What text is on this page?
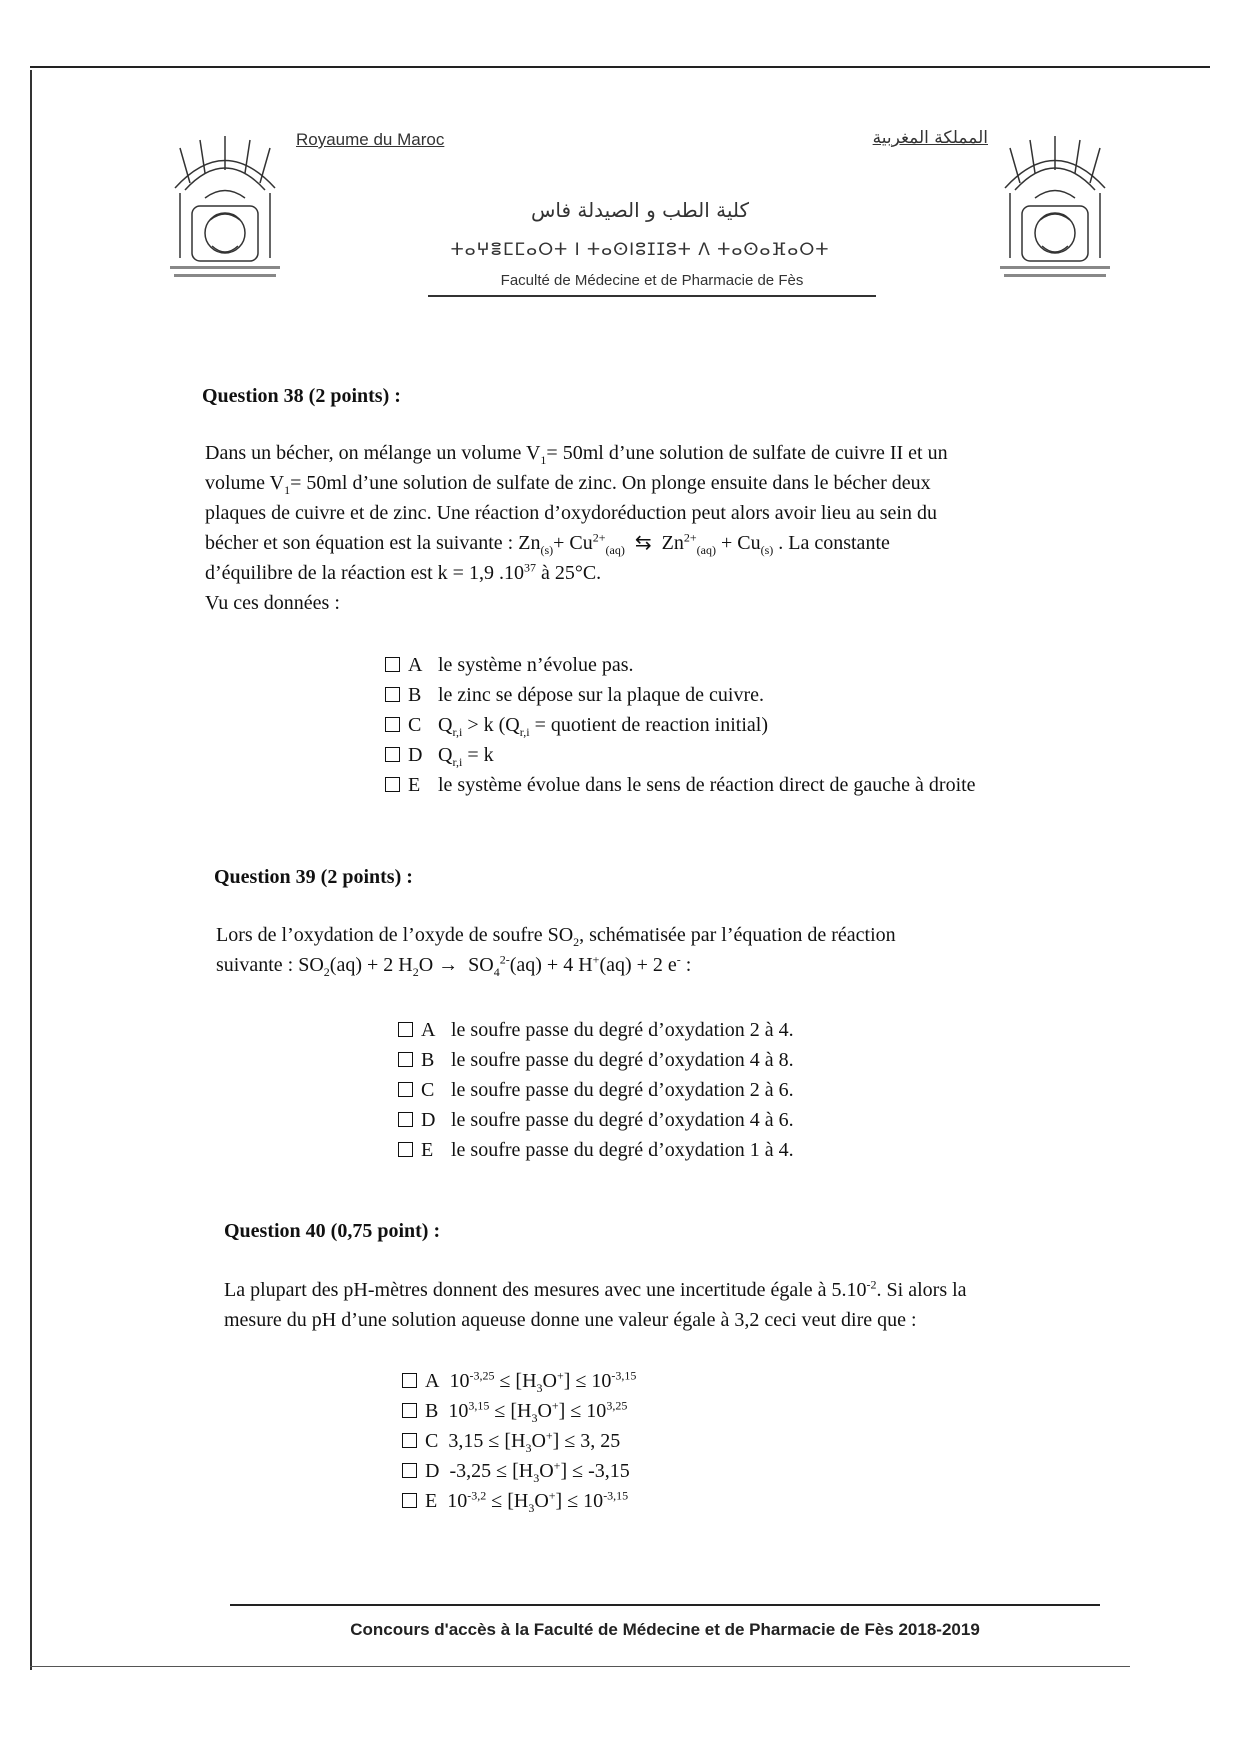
Royaume du Maroc	المملكة المغربية
كلية الطب و الصيدلة فاس
ⵜⴰⵖⴻⵎⵎⴰⵔⵜ ⵏ ⵜⴰⵙⵏⵓⵊⵊⵓⵜ ⴷ ⵜⴰⵙⴰⴼⴰⵔⵜ
Faculté de Médecine et de Pharmacie de Fès
Question 38 (2 points) :
Dans un bécher, on mélange un volume $V_1= 50ml$ d’une solution de sulfate de cuivre II et un
volume $V_1= 50ml$ d’une solution de sulfate de zinc. On plonge ensuite dans le bécher deux
plaques de cuivre et de zinc. Une réaction d’oxydoréduction peut alors avoir lieu au sein du
bécher et son équation est la suivante : $Zn_{(s)}+ Cu^{2+}_{(aq)}$ ⇆ $Zn^{2+}_{(aq)} + Cu_{(s)}$ . La constante
d’équilibre de la réaction est k = 1,9 $.10^{37}$ à 25°C.
Vu ces données :
A le système n’évolue pas.
B le zinc se dépose sur la plaque de cuivre.
C $Q_{r,i} > k$ ($Q_{r,i}$ = quotient de reaction initial)
D $Q_{r,i} = k$
E le système évolue dans le sens de réaction direct de gauche à droite
Question 39 (2 points) :
Lors de l’oxydation de l’oxyde de soufre $SO_2$, schématisée par l’équation de réaction
suivante : $SO_2(aq) + 2$ $H_2O \to SO_4^{2-}(aq) + 4$ H+(aq) + 2 e- :
A le soufre passe du degré d’oxydation 2 à 4.
B le soufre passe du degré d’oxydation 4 à 8.
C le soufre passe du degré d’oxydation 2 à 6.
D le soufre passe du degré d’oxydation 4 à 6.
E le soufre passe du degré d’oxydation 1 à 4.
Question 40 (0,75 point) :
La plupart des pH-mètres donnent des mesures avec une incertitude égale à $5.10^{-2}$. Si alors la
mesure du pH d’une solution aqueuse donne une valeur égale à 3,2 ceci veut dire que :
A $10^{-3,25} \le [H_3O^+] \le 10^{-3,15}$
B $10^{3,15} \le [H_3O^+] \le 10^{3,25}$
C $3,15 \le [H_3O^+] \le 3$, 25
D $-3,25 \le [H_3O^+] \le -3,15$
E $10^{-3,2} \le [H_3O^+] \le 10^{-3,15}$
Concours d'accès à la Faculté de Médecine et de Pharmacie de Fès 2018-2019
